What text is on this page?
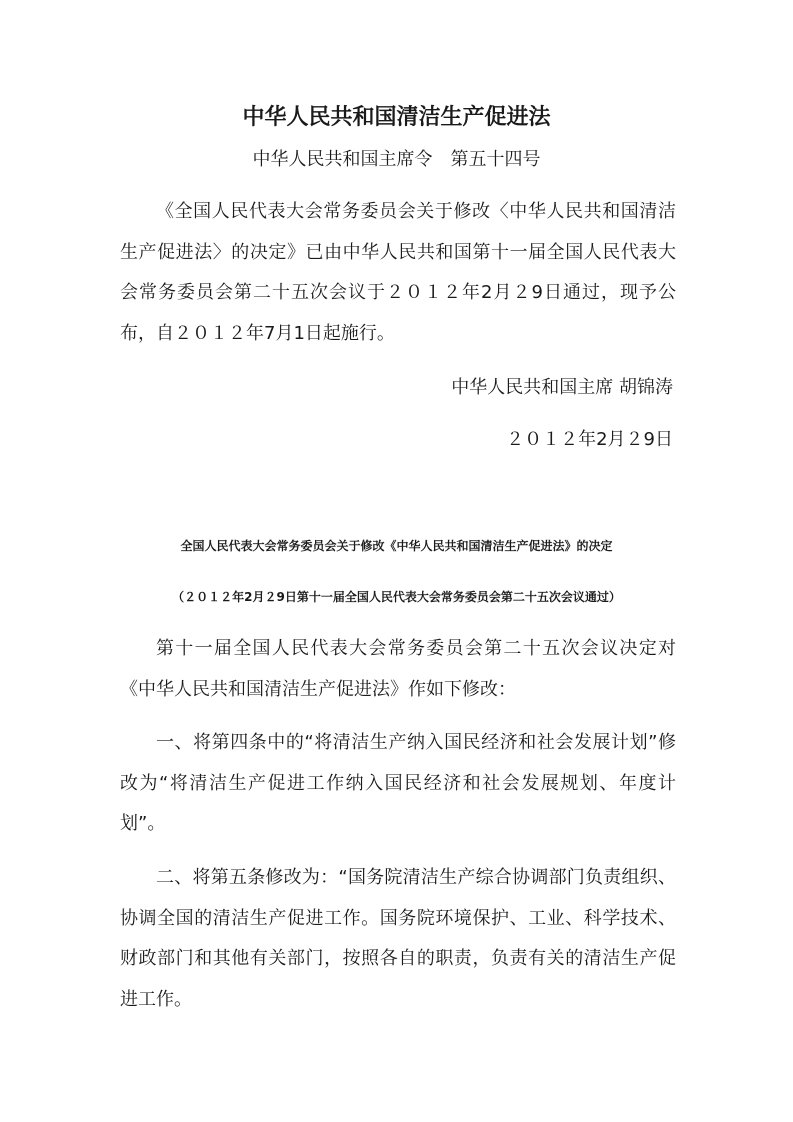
中华人民共和国清洁生产促进法

中华人民共和国主席令　第五十四号

《全国人民代表大会常务委员会关于修改〈中华人民共和国清洁生产促进法〉的决定》已由中华人民共和国第十一届全国人民代表大会常务委员会第二十五次会议于２０１２年2月２9日通过，现予公布，自２０１２年7月1日起施行。

中华人民共和国主席 胡锦涛

２０１２年2月２9日

全国人民代表大会常务委员会关于修改《中华人民共和国清洁生产促进法》的决定

（２０１２年2月２9日第十一届全国人民代表大会常务委员会第二十五次会议通过）

第十一届全国人民代表大会常务委员会第二十五次会议决定对《中华人民共和国清洁生产促进法》作如下修改：

一、将第四条中的“将清洁生产纳入国民经济和社会发展计划”修改为“将清洁生产促进工作纳入国民经济和社会发展规划、年度计划”。

二、将第五条修改为：“国务院清洁生产综合协调部门负责组织、协调全国的清洁生产促进工作。国务院环境保护、工业、科学技术、财政部门和其他有关部门，按照各自的职责，负责有关的清洁生产促进工作。
